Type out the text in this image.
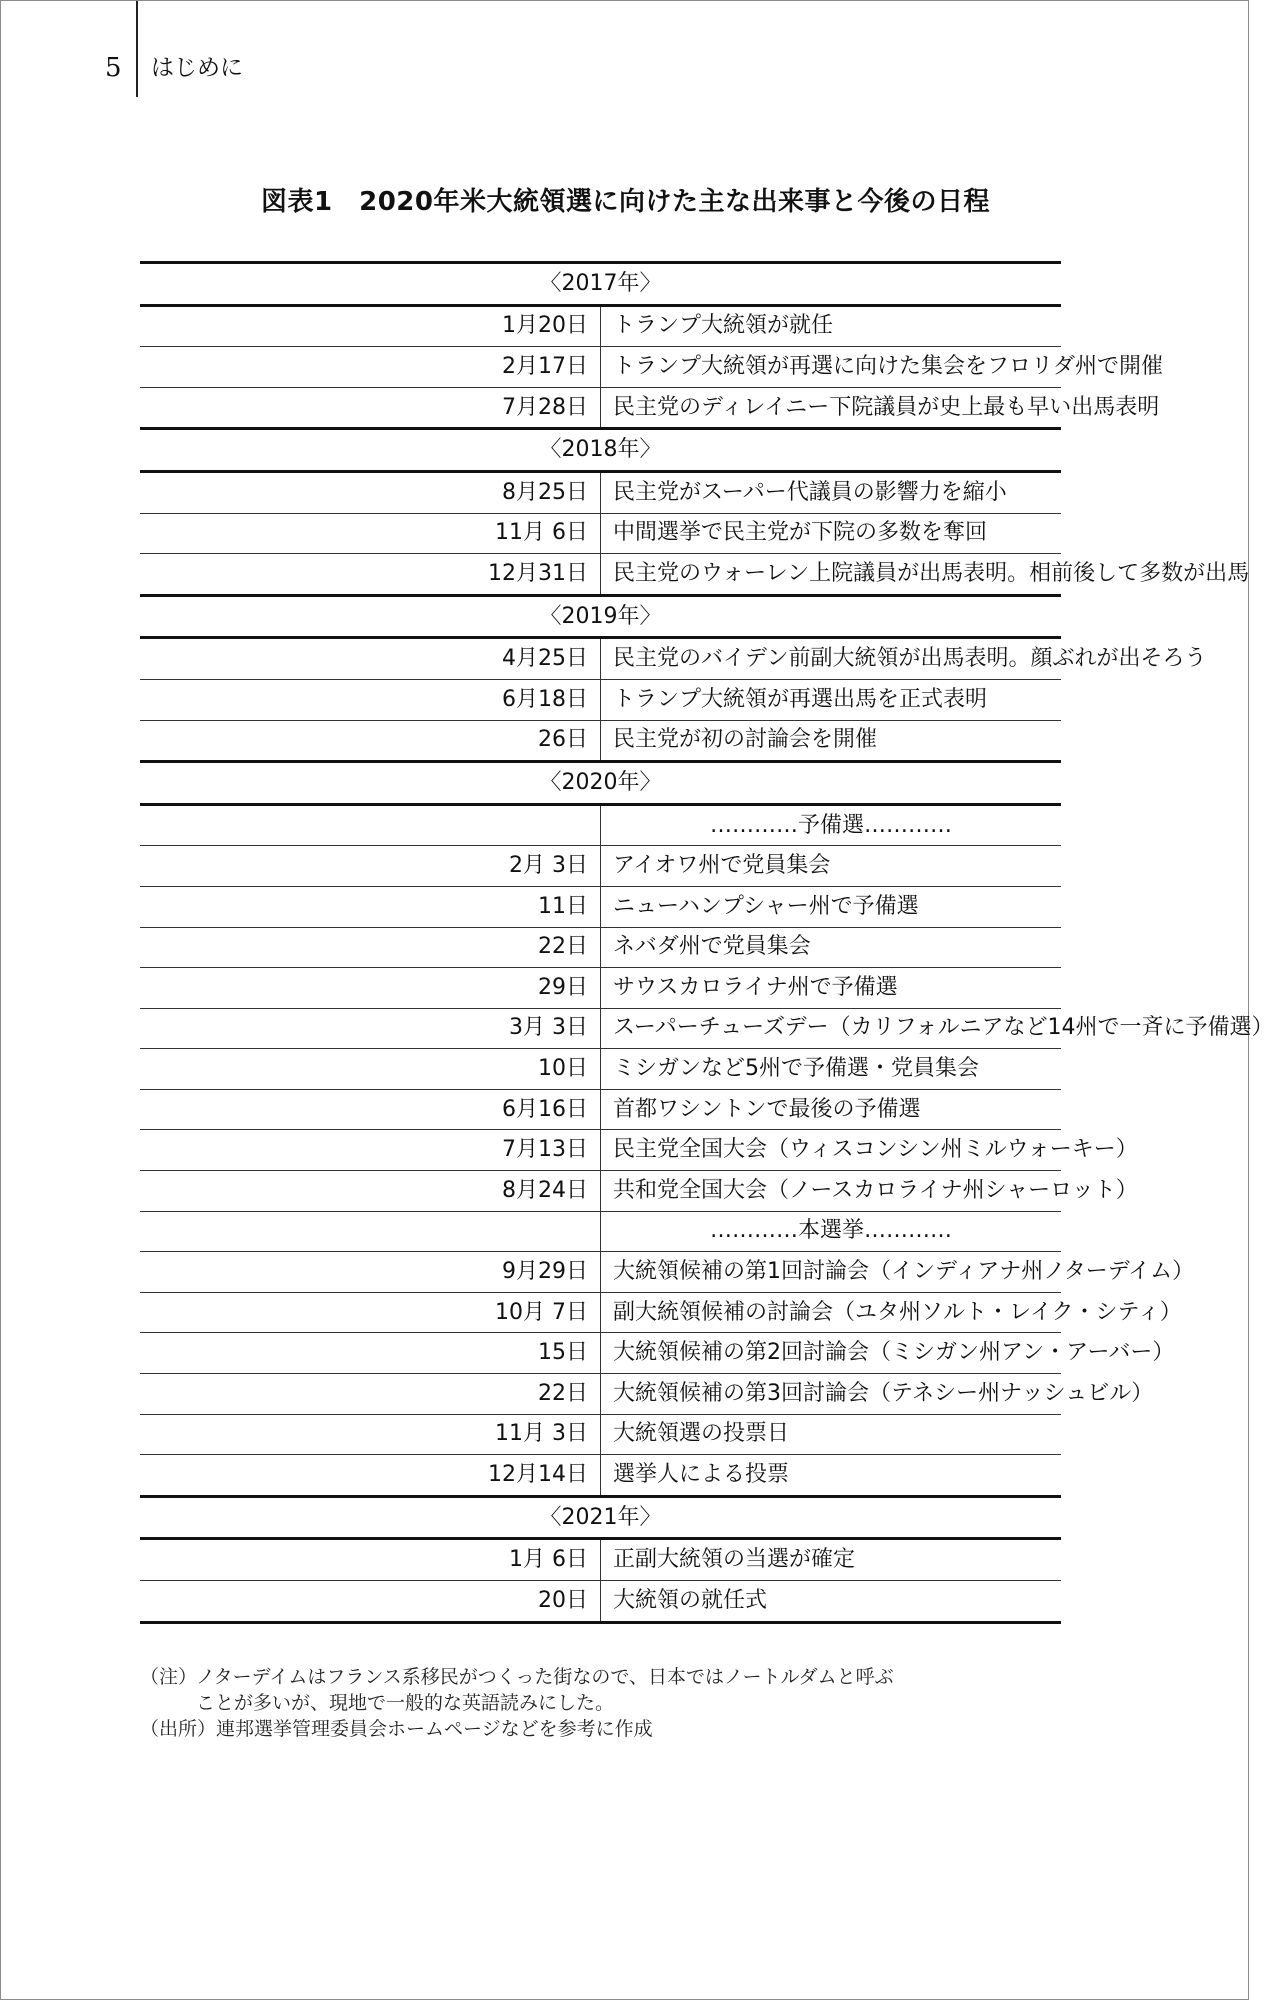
5 はじめに
図表1　2020年米大統領選に向けた主な出来事と今後の日程
〈2017年〉	
1月20日	トランプ大統領が就任
2月17日	トランプ大統領が再選に向けた集会をフロリダ州で開催
7月28日	民主党のディレイニー下院議員が史上最も早い出馬表明
〈2018年〉	
8月25日	民主党がスーパー代議員の影響力を縮小
11月 6日	中間選挙で民主党が下院の多数を奪回
12月31日	民主党のウォーレン上院議員が出馬表明。相前後して多数が出馬
〈2019年〉	
4月25日	民主党のバイデン前副大統領が出馬表明。顔ぶれが出そろう
6月18日	トランプ大統領が再選出馬を正式表明
26日	民主党が初の討論会を開催
〈2020年〉	
	…………予備選…………
2月 3日	アイオワ州で党員集会
11日	ニューハンプシャー州で予備選
22日	ネバダ州で党員集会
29日	サウスカロライナ州で予備選
3月 3日	スーパーチューズデー（カリフォルニアなど14州で一斉に予備選）
10日	ミシガンなど5州で予備選・党員集会
6月16日	首都ワシントンで最後の予備選
7月13日	民主党全国大会（ウィスコンシン州ミルウォーキー）
8月24日	共和党全国大会（ノースカロライナ州シャーロット）
	…………本選挙…………
9月29日	大統領候補の第1回討論会（インディアナ州ノターデイム）
10月 7日	副大統領候補の討論会（ユタ州ソルト・レイク・シティ）
15日	大統領候補の第2回討論会（ミシガン州アン・アーバー）
22日	大統領候補の第3回討論会（テネシー州ナッシュビル）
11月 3日	大統領選の投票日
12月14日	選挙人による投票
〈2021年〉	
1月 6日	正副大統領の当選が確定
20日	大統領の就任式
（注）
ノターデイムはフランス系移民がつくった街なので、日本ではノートルダムと呼ぶ
ことが多いが、現地で一般的な英語読みにした。
（出所） 連邦選挙管理委員会ホームページなどを参考に作成
